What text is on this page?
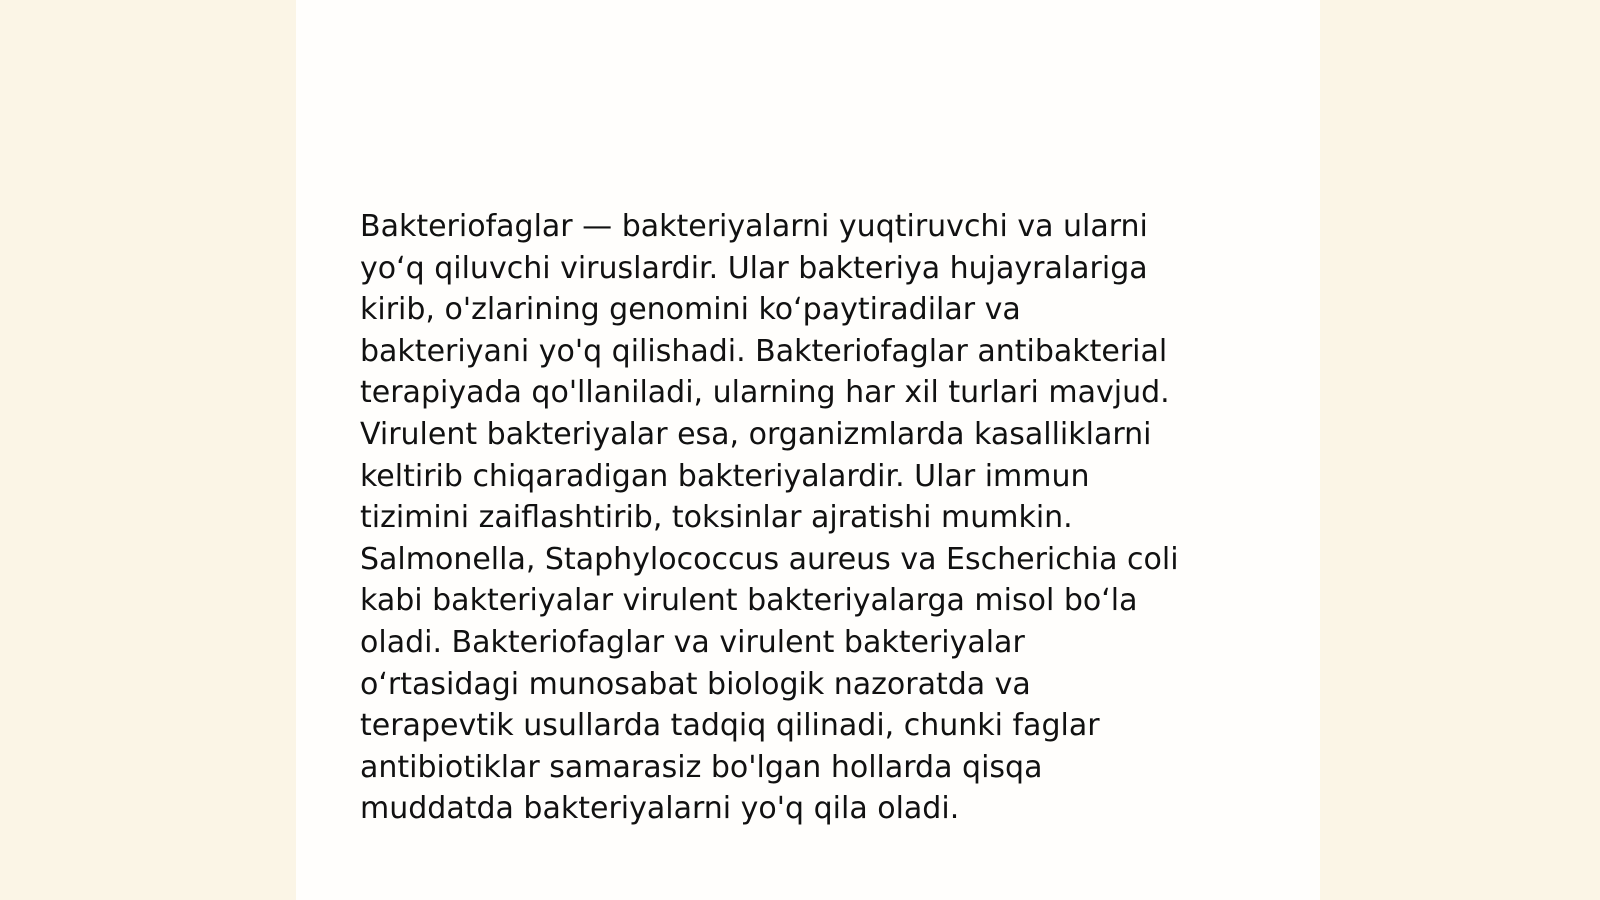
Bakteriofaglar — bakteriyalarni yuqtiruvchi va ularni
yo‘q qiluvchi viruslardir. Ular bakteriya hujayralariga
kirib, o'zlarining genomini ko‘paytiradilar va
bakteriyani yo'q qilishadi. Bakteriofaglar antibakterial
terapiyada qo'llaniladi, ularning har xil turlari mavjud.
Virulent bakteriyalar esa, organizmlarda kasalliklarni
keltirib chiqaradigan bakteriyalardir. Ular immun
tizimini zaiflashtirib, toksinlar ajratishi mumkin.
Salmonella, Staphylococcus aureus va Escherichia coli
kabi bakteriyalar virulent bakteriyalarga misol bo‘la
oladi. Bakteriofaglar va virulent bakteriyalar
o‘rtasidagi munosabat biologik nazoratda va
terapevtik usullarda tadqiq qilinadi, chunki faglar
antibiotiklar samarasiz bo'lgan hollarda qisqa
muddatda bakteriyalarni yo'q qila oladi.
